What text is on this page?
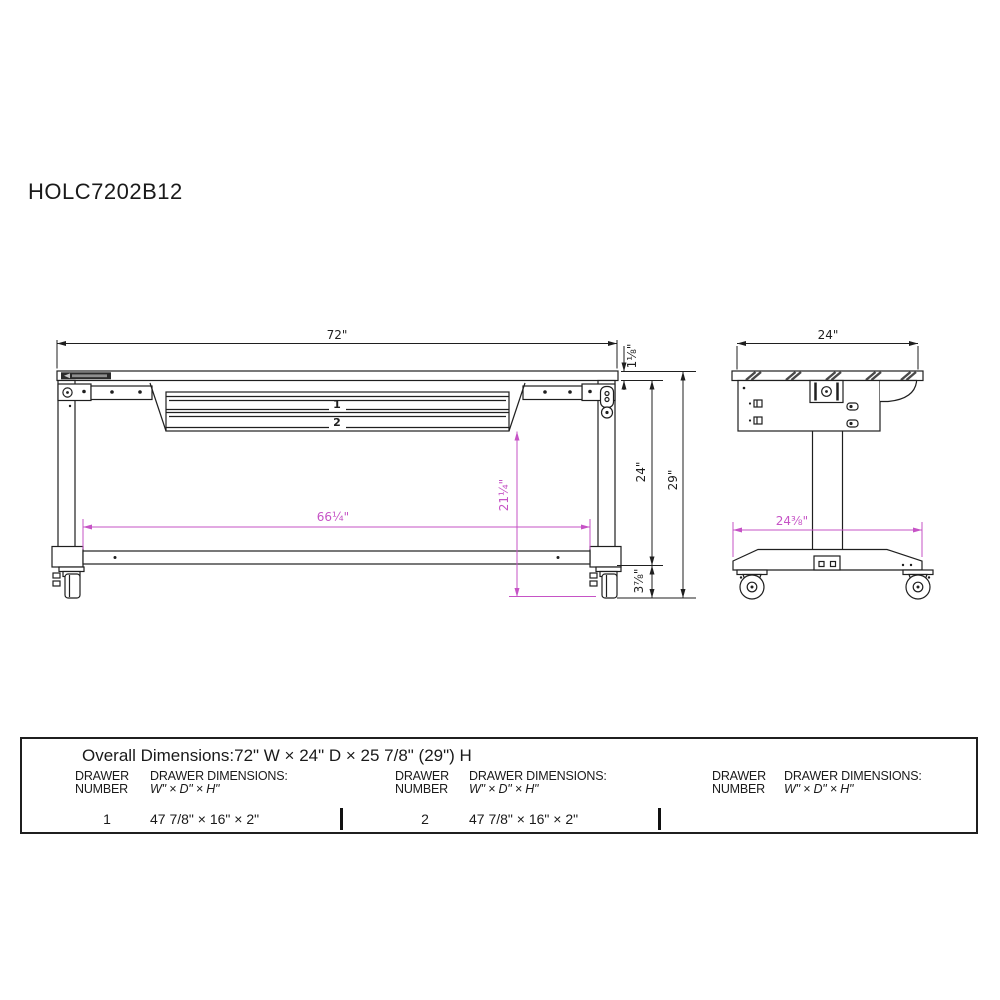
HOLC7202B12
72"
1⅛"
24" 29"
3⅞"
66¼"
21¼"
1
2
24"
24⅜"
Overall Dimensions:72" W × 24" D × 25 7/8" (29") H
DRAWER
NUMBER
DRAWER DIMENSIONS:
W" × D" × H"
1	47 7/8" × 16" × 2"
DRAWER
NUMBER
DRAWER DIMENSIONS:
W" × D" × H"
2	47 7/8" × 16" × 2"
DRAWER
NUMBER
DRAWER DIMENSIONS:
W" × D" × H"
